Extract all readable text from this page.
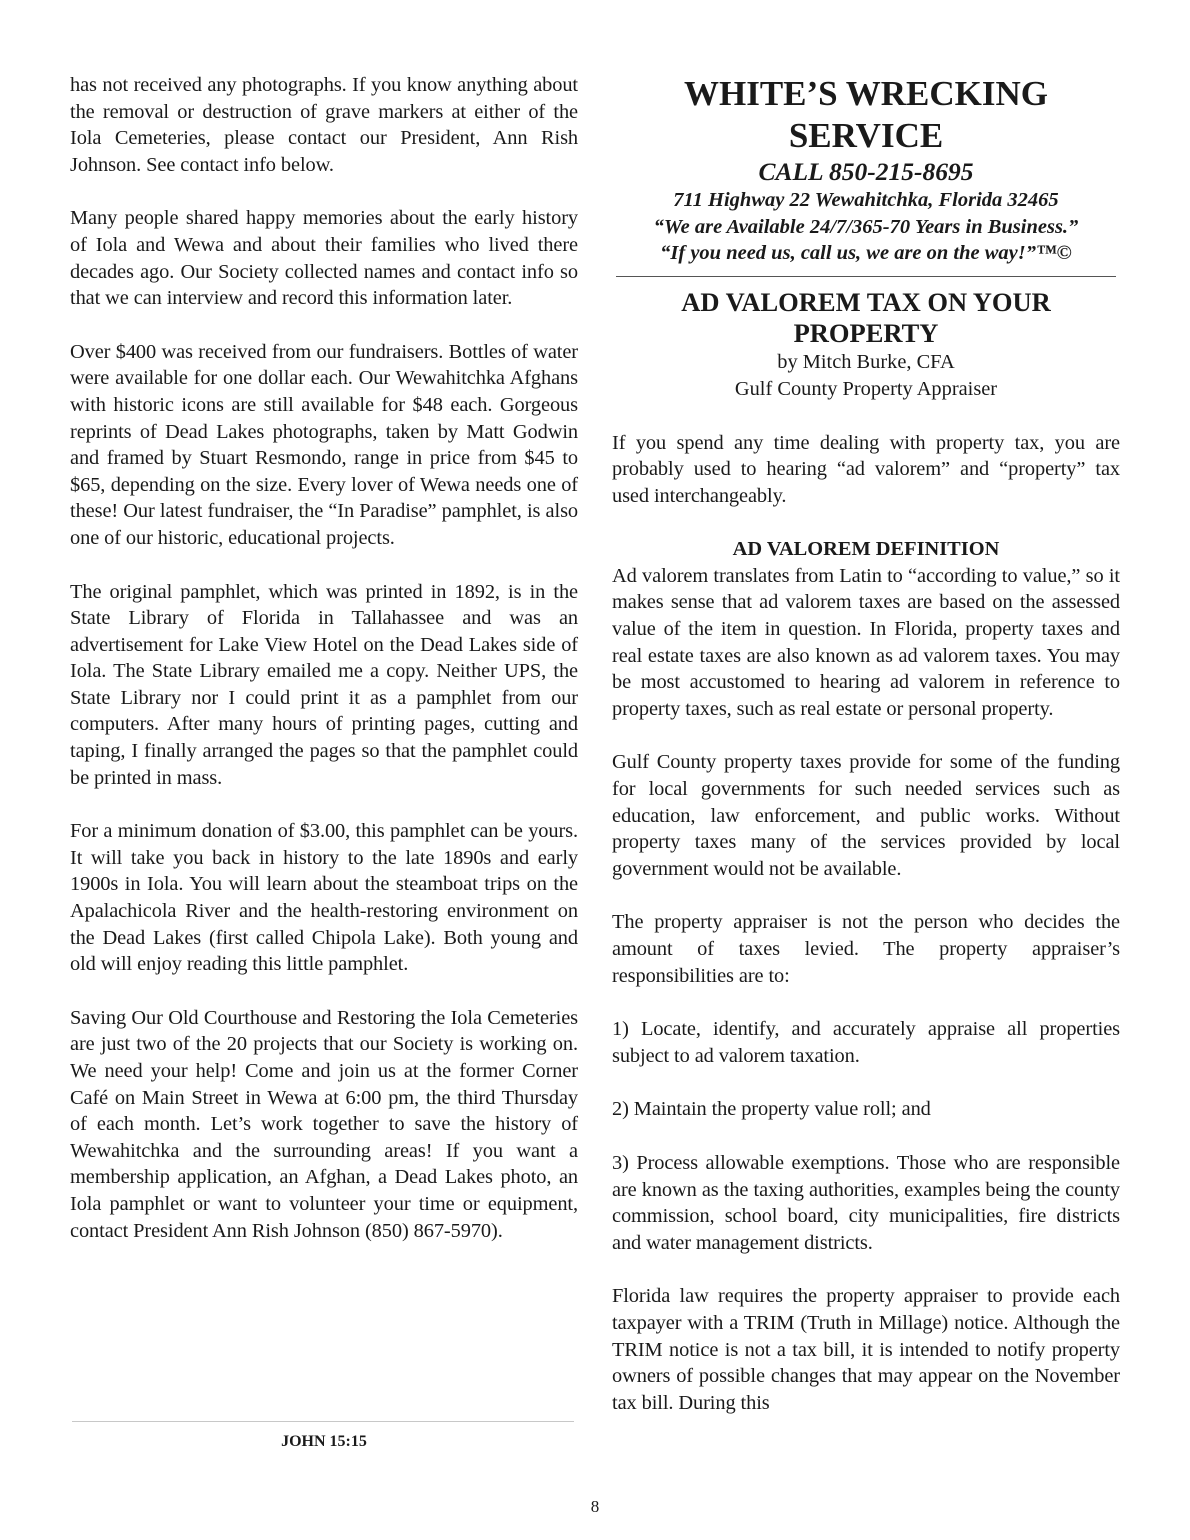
has not received any photographs. If you know anything about the removal or destruction of grave markers at either of the Iola Cemeteries, please contact our President, Ann Rish Johnson. See contact info below.

Many people shared happy memories about the early history of Iola and Wewa and about their families who lived there decades ago. Our Society collected names and contact info so that we can interview and record this information later.

Over $400 was received from our fundraisers. Bottles of water were available for one dollar each. Our Wewahitchka Afghans with historic icons are still available for $48 each. Gorgeous reprints of Dead Lakes photographs, taken by Matt Godwin and framed by Stuart Resmondo, range in price from $45 to $65, depending on the size. Every lover of Wewa needs one of these! Our latest fundraiser, the “In Paradise” pamphlet, is also one of our historic, educational projects.

The original pamphlet, which was printed in 1892, is in the State Library of Florida in Tallahassee and was an advertisement for Lake View Hotel on the Dead Lakes side of Iola. The State Library emailed me a copy. Neither UPS, the State Library nor I could print it as a pamphlet from our computers. After many hours of printing pages, cutting and taping, I finally arranged the pages so that the pamphlet could be printed in mass.

For a minimum donation of $3.00, this pamphlet can be yours. It will take you back in history to the late 1890s and early 1900s in Iola. You will learn about the steamboat trips on the Apalachicola River and the health-restoring environment on the Dead Lakes (first called Chipola Lake). Both young and old will enjoy reading this little pamphlet.

Saving Our Old Courthouse and Restoring the Iola Cemeteries are just two of the 20 projects that our Society is working on. We need your help! Come and join us at the former Corner Café on Main Street in Wewa at 6:00 pm, the third Thursday of each month. Let’s work together to save the history of Wewahitchka and the surrounding areas! If you want a membership application, an Afghan, a Dead Lakes photo, an Iola pamphlet or want to volunteer your time or equipment, contact President Ann Rish Johnson (850) 867-5970).

JOHN 15:15
WHITE’S WRECKING
SERVICE
CALL 850-215-8695
711 Highway 22 Wewahitchka, Florida 32465
“We are Available 24/7/365-70 Years in Business.”
“If you need us, call us, we are on the way!”™©
AD VALOREM TAX ON YOUR
PROPERTY
by Mitch Burke, CFA
Gulf County Property Appraiser

If you spend any time dealing with property tax, you are probably used to hearing “ad valorem” and “property” tax used interchangeably.

AD VALOREM DEFINITION

Ad valorem translates from Latin to “according to value,” so it makes sense that ad valorem taxes are based on the assessed value of the item in question. In Florida, property taxes and real estate taxes are also known as ad valorem taxes. You may be most accustomed to hearing ad valorem in reference to property taxes, such as real estate or personal property.

Gulf County property taxes provide for some of the funding for local governments for such needed services such as education, law enforcement, and public works. Without property taxes many of the services provided by local government would not be available.

The property appraiser is not the person who decides the amount of taxes levied. The property appraiser’s responsibilities are to:

1) Locate, identify, and accurately appraise all properties subject to ad valorem taxation.

2) Maintain the property value roll; and

3) Process allowable exemptions. Those who are responsible are known as the taxing authorities, examples being the county commission, school board, city municipalities, fire districts and water management districts.

Florida law requires the property appraiser to provide each taxpayer with a TRIM (Truth in Millage) notice. Although the TRIM notice is not a tax bill, it is intended to notify property owners of possible changes that may appear on the November tax bill. During this

8
